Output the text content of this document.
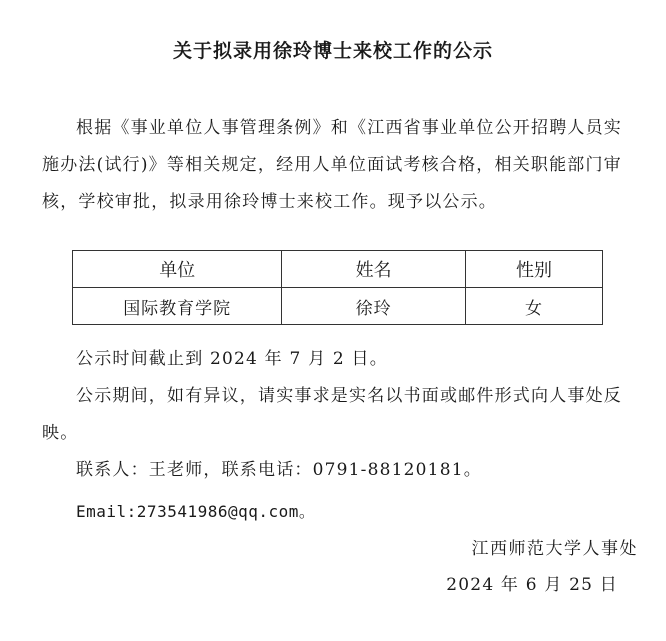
关于拟录用徐玲博士来校工作的公示

根据《事业单位人事管理条例》和《江西省事业单位公开招聘人员实施办法(试行)》等相关规定，经用人单位面试考核合格，相关职能部门审核，学校审批，拟录用徐玲博士来校工作。现予以公示。

单位	姓名	性别
国际教育学院	徐玲	女

公示时间截止到 2024 年 7 月 2 日。

公示期间，如有异议，请实事求是实名以书面或邮件形式向人事处反映。

联系人：王老师，联系电话：0791-88120181。

Email:273541986@qq.com。

江西师范大学人事处
2024 年 6 月 25 日
